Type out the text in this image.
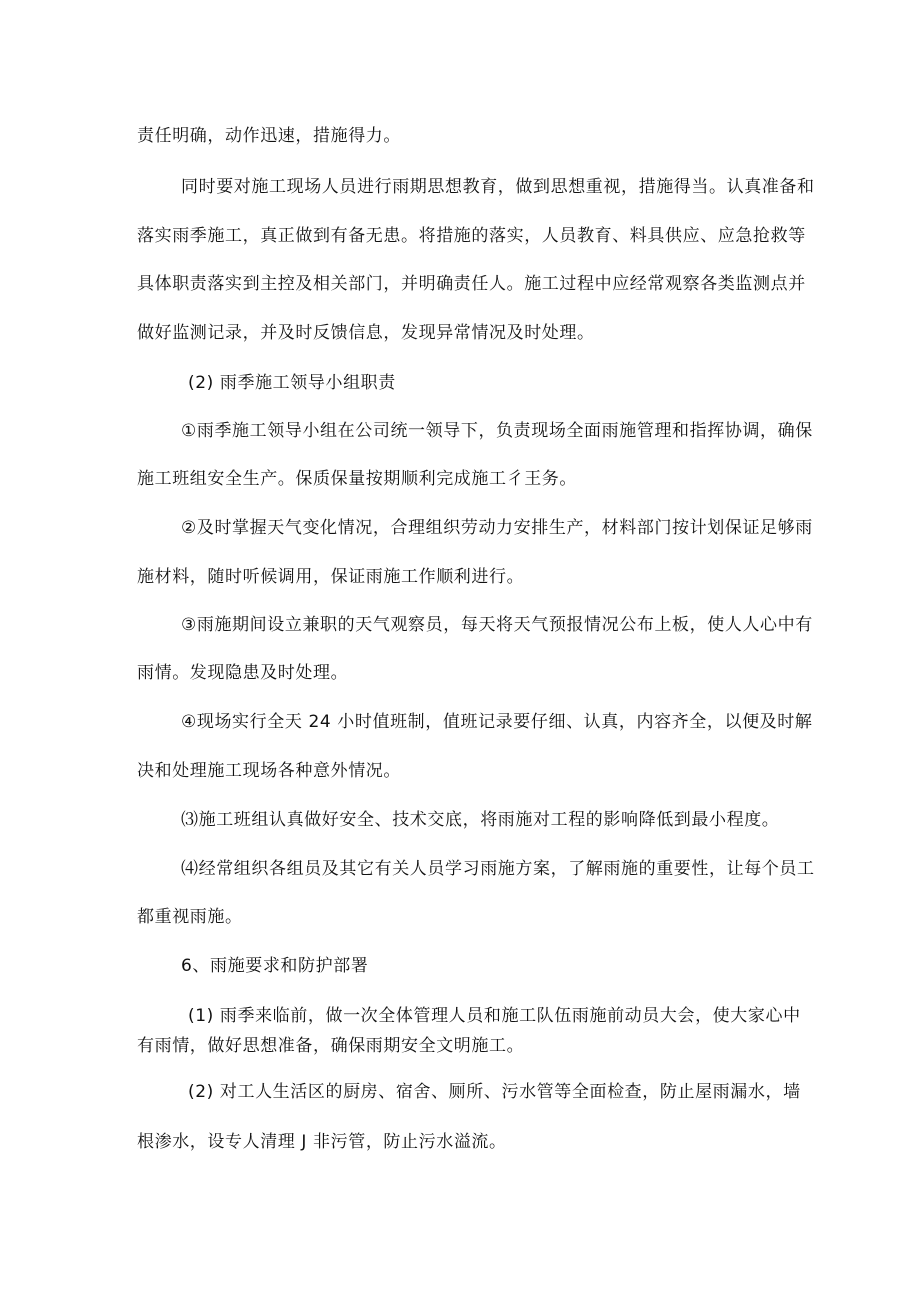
责任明确，动作迅速，措施得力。
同时要对施工现场人员进行雨期思想教育，做到思想重视，措施得当。认真准备和
落实雨季施工，真正做到有备无患。将措施的落实，人员教育、料具供应、应急抢救等
具体职责落实到主控及相关部门，并明确责任人。施工过程中应经常观察各类监测点并
做好监测记录，并及时反馈信息，发现异常情况及时处理。
(2) 雨季施工领导小组职责
①雨季施工领导小组在公司统一领导下，负责现场全面雨施管理和指挥协调，确保
施工班组安全生产。保质保量按期顺利完成施工彳王务。
②及时掌握天气变化情况，合理组织劳动力安排生产，材料部门按计划保证足够雨
施材料，随时听候调用，保证雨施工作顺利进行。
③雨施期间设立兼职的天气观察员，每天将天气预报情况公布上板，使人人心中有
雨情。发现隐患及时处理。
④现场实行全天 24 小时值班制，值班记录要仔细、认真，内容齐全，以便及时解
决和处理施工现场各种意外情况。
⑶施工班组认真做好安全、技术交底，将雨施对工程的影响降低到最小程度。
⑷经常组织各组员及其它有关人员学习雨施方案，了解雨施的重要性，让每个员工
都重视雨施。
6、雨施要求和防护部署
(1) 雨季来临前，做一次全体管理人员和施工队伍雨施前动员大会，使大家心中
有雨情，做好思想准备，确保雨期安全文明施工。
(2) 对工人生活区的厨房、宿舍、厕所、污水管等全面检查，防止屋雨漏水，墙
根渗水，设专人清理 J 非污管，防止污水溢流。
